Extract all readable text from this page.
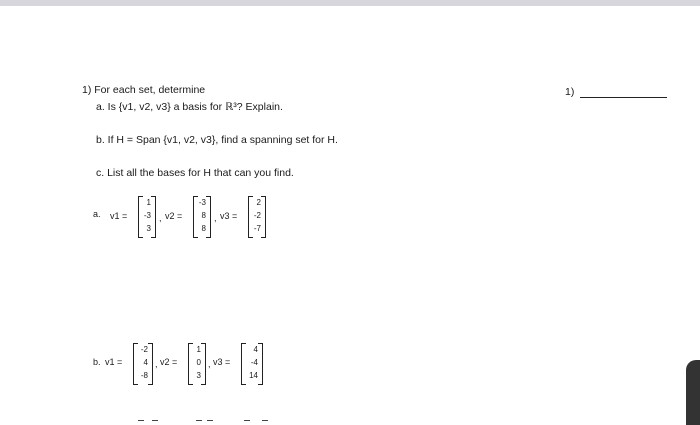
1) For each set, determine
a. Is {v1, v2, v3} a basis for ℝ³? Explain.
b. If H = Span {v1, v2, v3}, find a spanning set for H.
c. List all the bases for H that can you find.
1)
a. v1 =
1
-3
3
, v2 =
-3
8
8
, v3 =
2
-2
-7
b. v1 =
-2
4
-8
, v2 =
1
0
3
, v3 =
4
-4
14
